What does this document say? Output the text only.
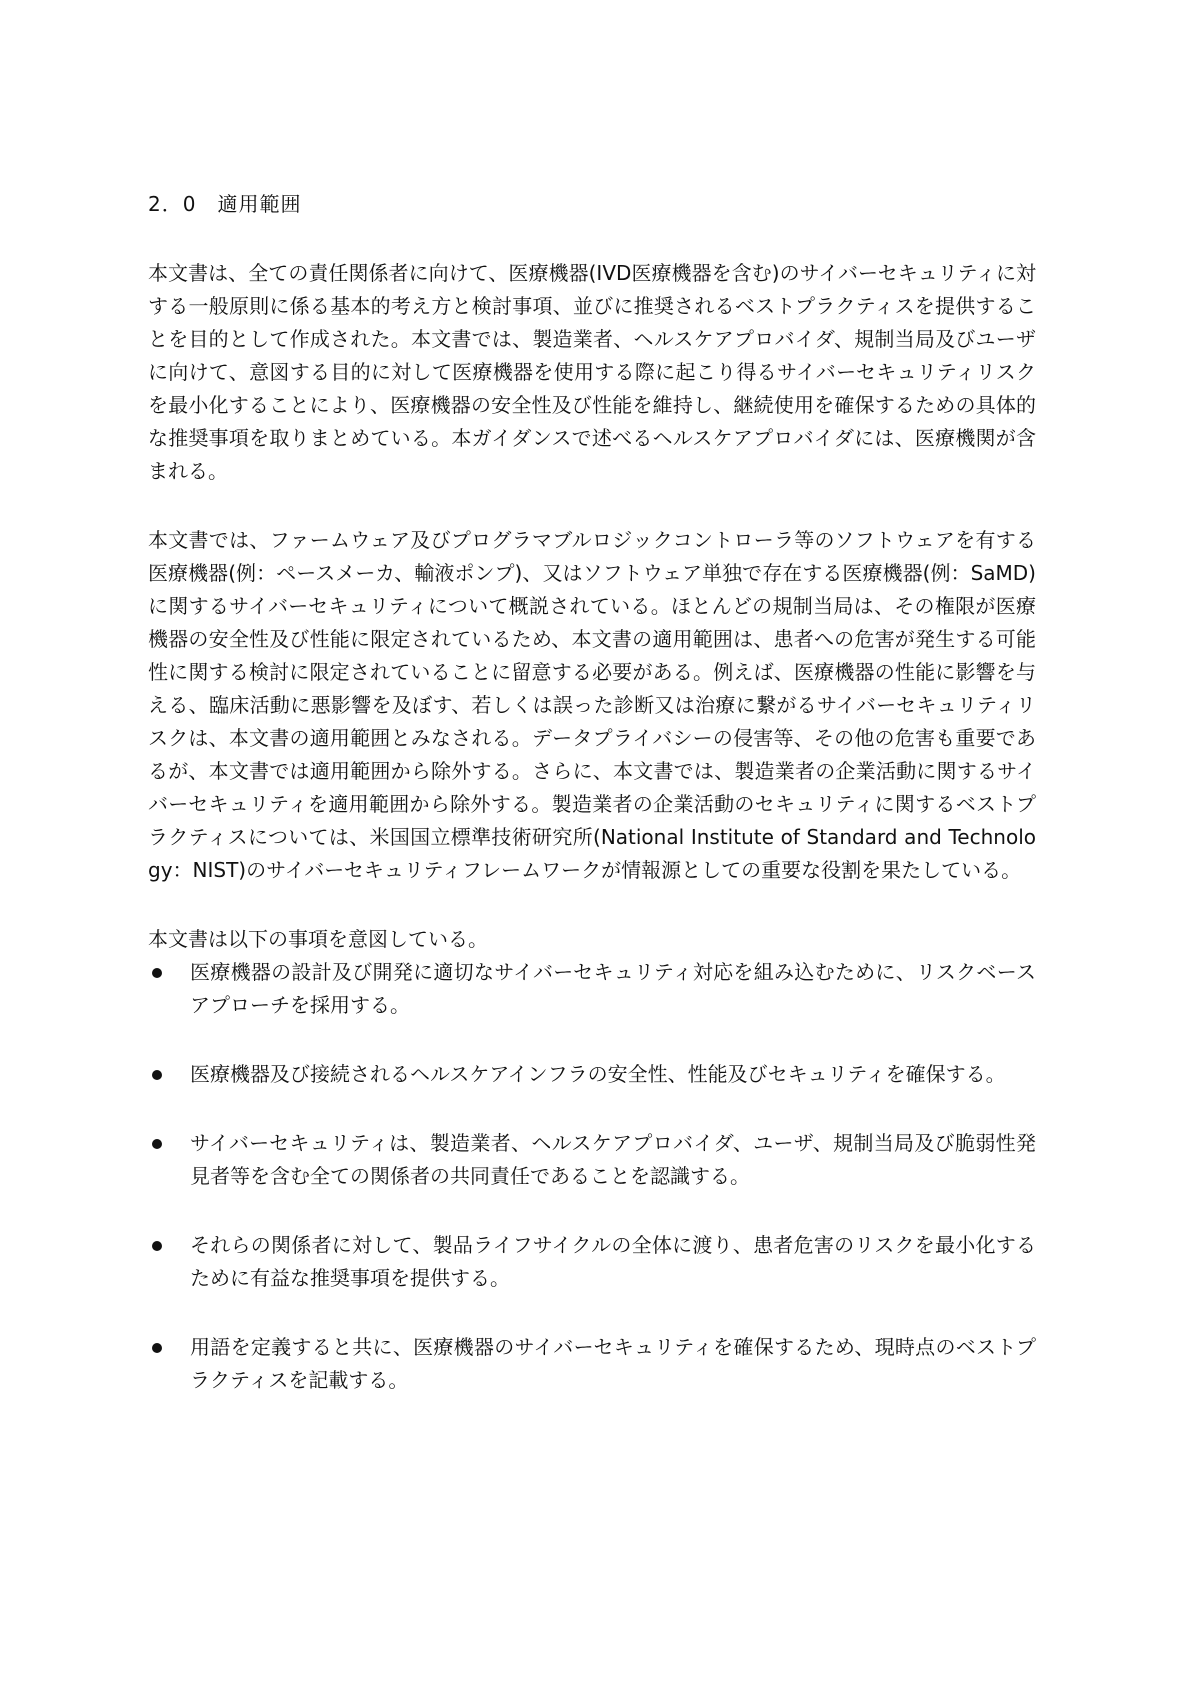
2．0　適用範囲

本文書は、全ての責任関係者に向けて、医療機器(IVD医療機器を含む)のサイバーセキュリティに対する一般原則に係る基本的考え方と検討事項、並びに推奨されるベストプラクティスを提供することを目的として作成された。本文書では、製造業者、ヘルスケアプロバイダ、規制当局及びユーザに向けて、意図する目的に対して医療機器を使用する際に起こり得るサイバーセキュリティリスクを最小化することにより、医療機器の安全性及び性能を維持し、継続使用を確保するための具体的な推奨事項を取りまとめている。本ガイダンスで述べるヘルスケアプロバイダには、医療機関が含まれる。

本文書では、ファームウェア及びプログラマブルロジックコントローラ等のソフトウェアを有する医療機器(例：ペースメーカ、輸液ポンプ)、又はソフトウェア単独で存在する医療機器(例：SaMD)に関するサイバーセキュリティについて概説されている。ほとんどの規制当局は、その権限が医療機器の安全性及び性能に限定されているため、本文書の適用範囲は、患者への危害が発生する可能性に関する検討に限定されていることに留意する必要がある。例えば、医療機器の性能に影響を与える、臨床活動に悪影響を及ぼす、若しくは誤った診断又は治療に繋がるサイバーセキュリティリスクは、本文書の適用範囲とみなされる。データプライバシーの侵害等、その他の危害も重要であるが、本文書では適用範囲から除外する。さらに、本文書では、製造業者の企業活動に関するサイバーセキュリティを適用範囲から除外する。製造業者の企業活動のセキュリティに関するベストプラクティスについては、米国国立標準技術研究所(National Institute of Standard and Technology：NIST)のサイバーセキュリティフレームワークが情報源としての重要な役割を果たしている。

本文書は以下の事項を意図している。

医療機器の設計及び開発に適切なサイバーセキュリティ対応を組み込むために、リスクベースアプローチを採用する。
医療機器及び接続されるヘルスケアインフラの安全性、性能及びセキュリティを確保する。
サイバーセキュリティは、製造業者、ヘルスケアプロバイダ、ユーザ、規制当局及び脆弱性発見者等を含む全ての関係者の共同責任であることを認識する。
それらの関係者に対して、製品ライフサイクルの全体に渡り、患者危害のリスクを最小化するために有益な推奨事項を提供する。
用語を定義すると共に、医療機器のサイバーセキュリティを確保するため、現時点のベストプラクティスを記載する。
